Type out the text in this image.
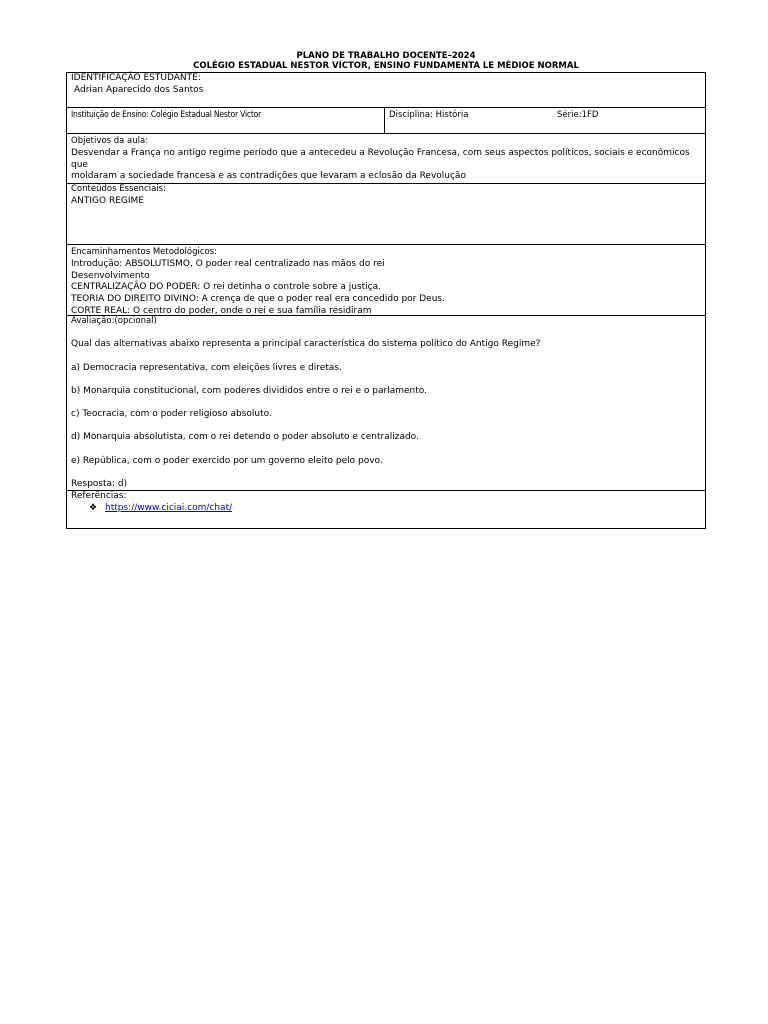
PLANO DE TRABALHO DOCENTE–2024
COLÉGIO ESTADUAL NESTOR VÍCTOR, ENSINO FUNDAMENTA LE MÉDIOE NORMAL
IDENTIFICAÇÃO ESTUDANTE:
Adrian Aparecido dos Santos
Instituição de Ensino: Colégio Estadual Nestor Victor	Disciplina: História	Série:1FD
Objetivos da aula:
Desvendar a França no antigo regime período que a antecedeu a Revolução Francesa, com seus aspectos políticos, sociais e econômicos que
moldaram a sociedade francesa e as contradições que levaram a eclosão da Revolução
Conteúdos Essenciais:
ANTIGO REGIME
Encaminhamentos Metodológicos:
Introdução: ABSOLUTISMO, O poder real centralizado nas mãos do rei
Desenvolvimento
CENTRALIZAÇÃO DO PODER: O rei detinha o controle sobre a justiça.
TEORIA DO DIREITO DIVINO: A crença de que o poder real era concedido por Deus.
CORTE REAL: O centro do poder, onde o rei e sua família residiram
Avaliação:(opcional)
Qual das alternativas abaixo representa a principal característica do sistema político do Antigo Regime?
a) Democracia representativa, com eleições livres e diretas.
b) Monarquia constitucional, com poderes divididos entre o rei e o parlamento.
c) Teocracia, com o poder religioso absoluto.
d) Monarquia absolutista, com o rei detendo o poder absoluto e centralizado.
e) República, com o poder exercido por um governo eleito pelo povo.
Resposta: d)
Referências:
❖ https://www.ciciai.com/chat/
